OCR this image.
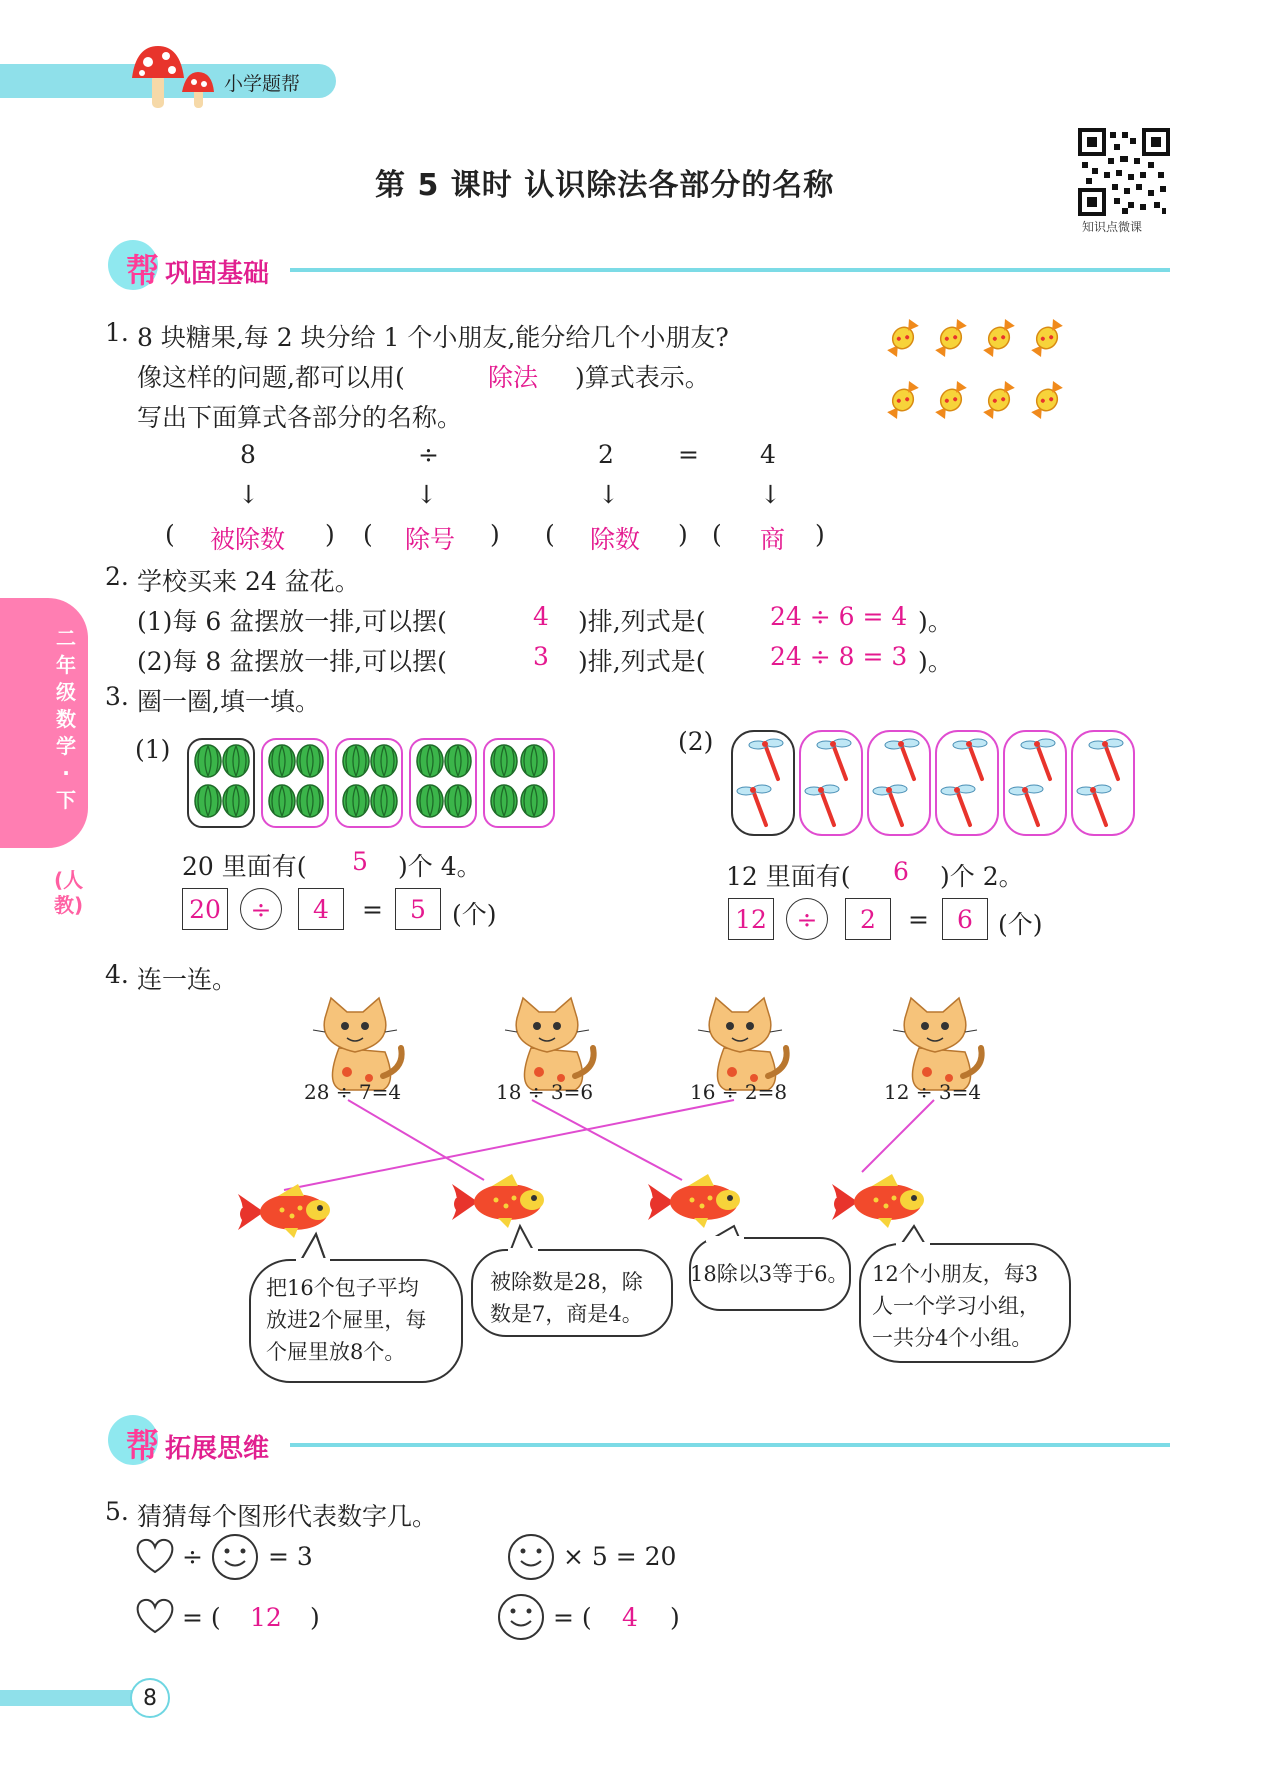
小学题帮
二年级数学·下
(人教)
第 5 课时 认识除法各部分的名称
知识点微课
帮 巩固基础
1. 8 块糖果,每 2 块分给 1 个小朋友,能分给几个小朋友?
像这样的问题,都可以用(	除法 )算式表示。
写出下面算式各部分的名称。
8	÷	2	= 4
↓	↓	↓	↓
( 被除数 ) ( 除号 ) ( 除数 ) ( 商 )
2. 学校买来 24 盆花。
(1)每 6 盆摆放一排,可以摆(	4 )排,列式是(	24 ÷ 6 = 4 )。
(2)每 8 盆摆放一排,可以摆(	3 )排,列式是(	24 ÷ 8 = 3 )。
3. 圈一圈,填一填。
(1)
20 里面有( 5 )个 4。
20	÷	4	=	5	(个)
(2)
12 里面有( 6 )个 2。
12	÷	2	=	6	(个)
4. 连一连。
28 ÷ 7=4	18 ÷ 3=6	16 ÷ 2=8	12 ÷ 3=4
把16个包子平均
放进2个屉里，每
个屉里放8个。
被除数是28，除
数是7，商是4。
18除以3等于6。 12个小朋友，每3
人一个学习小组，
一共分4个小组。
帮 拓展思维
5. 猜猜每个图形代表数字几。
÷	= 3	× 5 = 20
= ( 12 )	= ( 4 )
8
